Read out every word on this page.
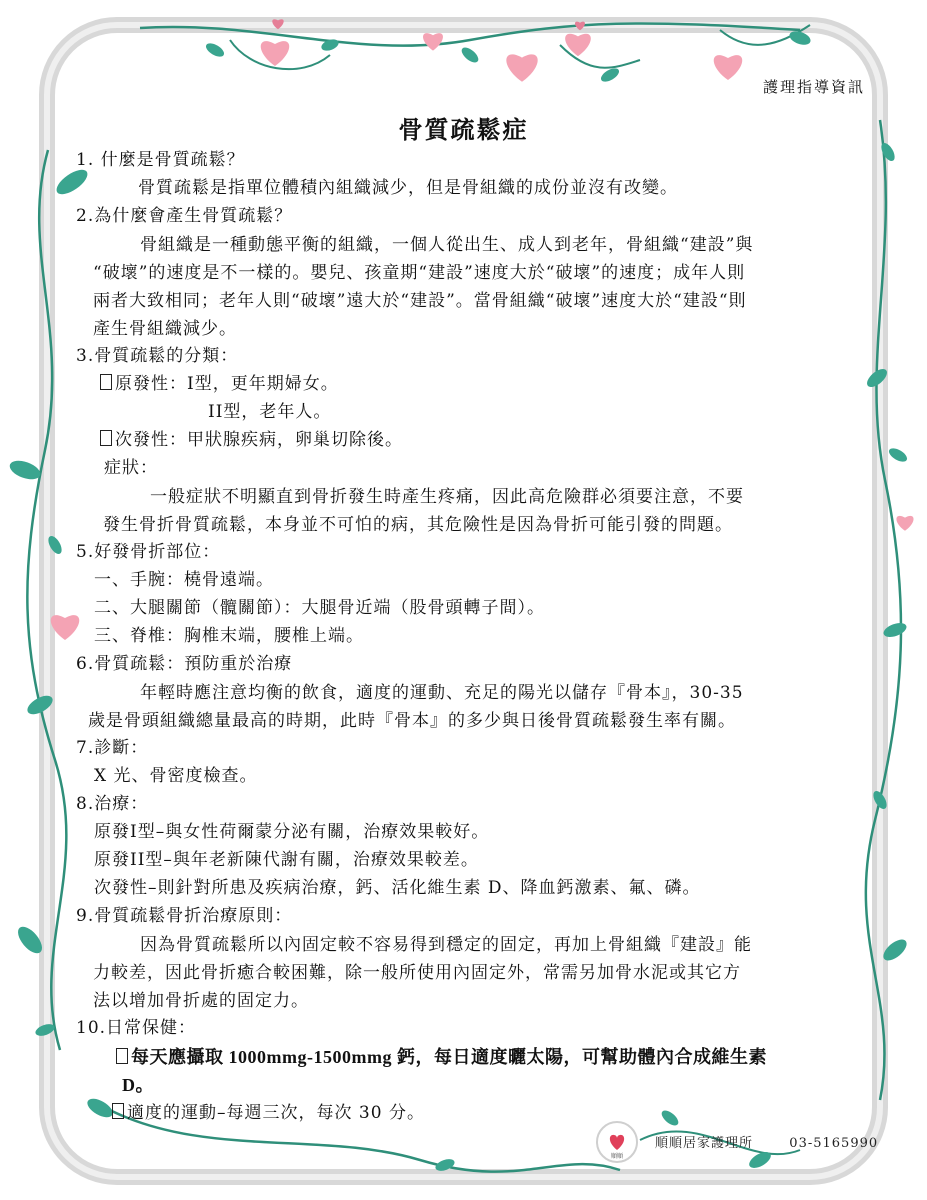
護理指導資訊
骨質疏鬆症
1. 什麼是骨質疏鬆？
骨質疏鬆是指單位體積內組織減少，但是骨組織的成份並沒有改變。
2.為什麼會產生骨質疏鬆？
骨組織是一種動態平衡的組織，一個人從出生、成人到老年，骨組織“建設”與
“破壞”的速度是不一樣的。嬰兒、孩童期“建設”速度大於“破壞”的速度；成年人則
兩者大致相同；老年人則“破壞”遠大於“建設”。當骨組織“破壞”速度大於“建設“則
產生骨組織減少。
3.骨質疏鬆的分類：
原發性：I型，更年期婦女。
II型，老年人。
次發性：甲狀腺疾病，卵巢切除後。
症狀：
一般症狀不明顯直到骨折發生時產生疼痛，因此高危險群必須要注意，不要
發生骨折骨質疏鬆，本身並不可怕的病，其危險性是因為骨折可能引發的問題。
5.好發骨折部位：
一、手腕：橈骨遠端。
二、大腿關節（髖關節）：大腿骨近端（股骨頭轉子間）。
三、脊椎：胸椎末端，腰椎上端。
6.骨質疏鬆：預防重於治療
年輕時應注意均衡的飲食，適度的運動、充足的陽光以儲存『骨本』，30-35
歲是骨頭組織總量最高的時期，此時『骨本』的多少與日後骨質疏鬆發生率有關。
7.診斷：
X 光、骨密度檢查。
8.治療：
原發I型–與女性荷爾蒙分泌有關，治療效果較好。
原發II型–與年老新陳代謝有關，治療效果較差。
次發性–則針對所患及疾病治療，鈣、活化維生素 D、降血鈣激素、氟、磷。
9.骨質疏鬆骨折治療原則：
因為骨質疏鬆所以內固定較不容易得到穩定的固定，再加上骨組織『建設』能
力較差，因此骨折癒合較困難，除一般所使用內固定外，常需另加骨水泥或其它方
法以增加骨折處的固定力。
10.日常保健：
每天應攝取 1000mmg-1500mmg 鈣，每日適度曬太陽，可幫助體內合成維生素
D。
適度的運動–每週三次，每次 30 分。
順順
順順居家護理所	03-5165990
